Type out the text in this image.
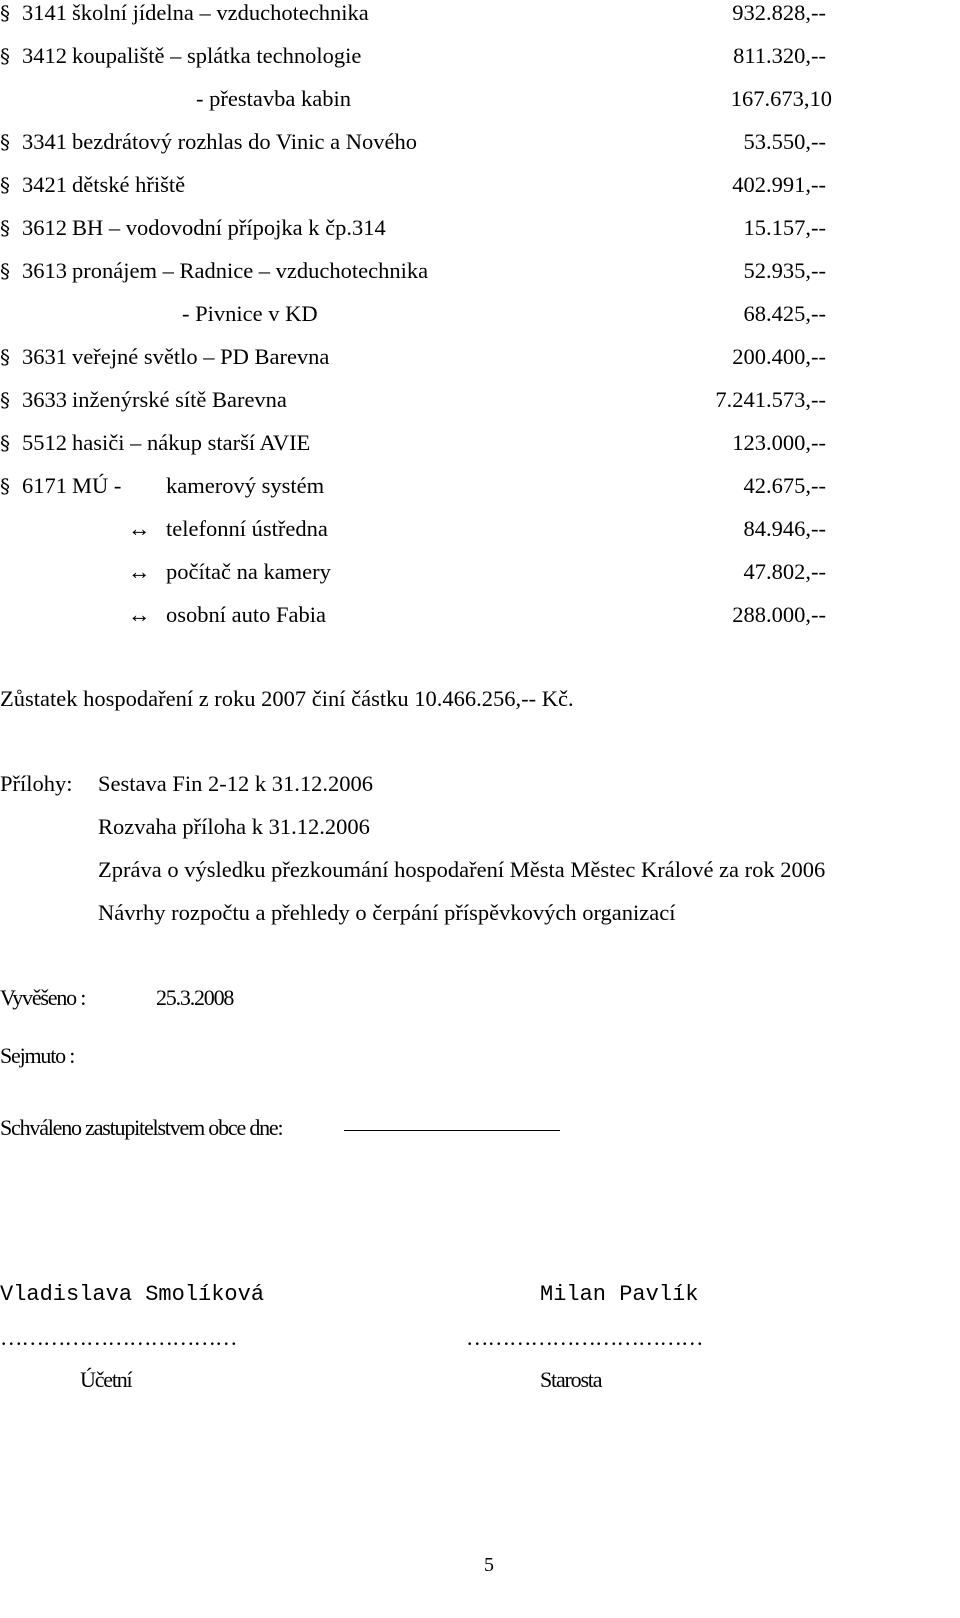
§ 3141 školní jídelna – vzduchotechnika	932.828,--
§ 3412 koupaliště – splátka technologie	811.320,--
- přestavba kabin	167.673,10
§ 3341 bezdrátový rozhlas do Vinic a Nového	53.550,--
§ 3421 dětské hřiště	402.991,--
§ 3612 BH – vodovodní přípojka k čp.314	15.157,--
§ 3613 pronájem – Radnice – vzduchotechnika	52.935,--
- Pivnice v KD	68.425,--
§ 3631 veřejné světlo – PD Barevna	200.400,--
§ 3633 inženýrské sítě Barevna	7.241.573,--
§ 5512 hasiči – nákup starší AVIE	123.000,--
§ 6171 MÚ - kamerový systém	42.675,--
↔ telefonní ústředna	84.946,--
↔ počítač na kamery	47.802,--
↔ osobní auto Fabia	288.000,--
Zůstatek hospodaření z roku 2007 činí částku 10.466.256,-- Kč.
Přílohy: Sestava Fin 2-12 k 31.12.2006
Rozvaha příloha k 31.12.2006
Zpráva o výsledku přezkoumání hospodaření Města Městec Králové za rok 2006
Návrhy rozpočtu a přehledy o čerpání příspěvkových organizací
Vyvěšeno :	25.3.2008
Sejmuto :
Schváleno zastupitelstvem obce dne:
Vladislava Smolíková	Milan Pavlík
……………………………	……………………………
Účetní	Starosta
5
